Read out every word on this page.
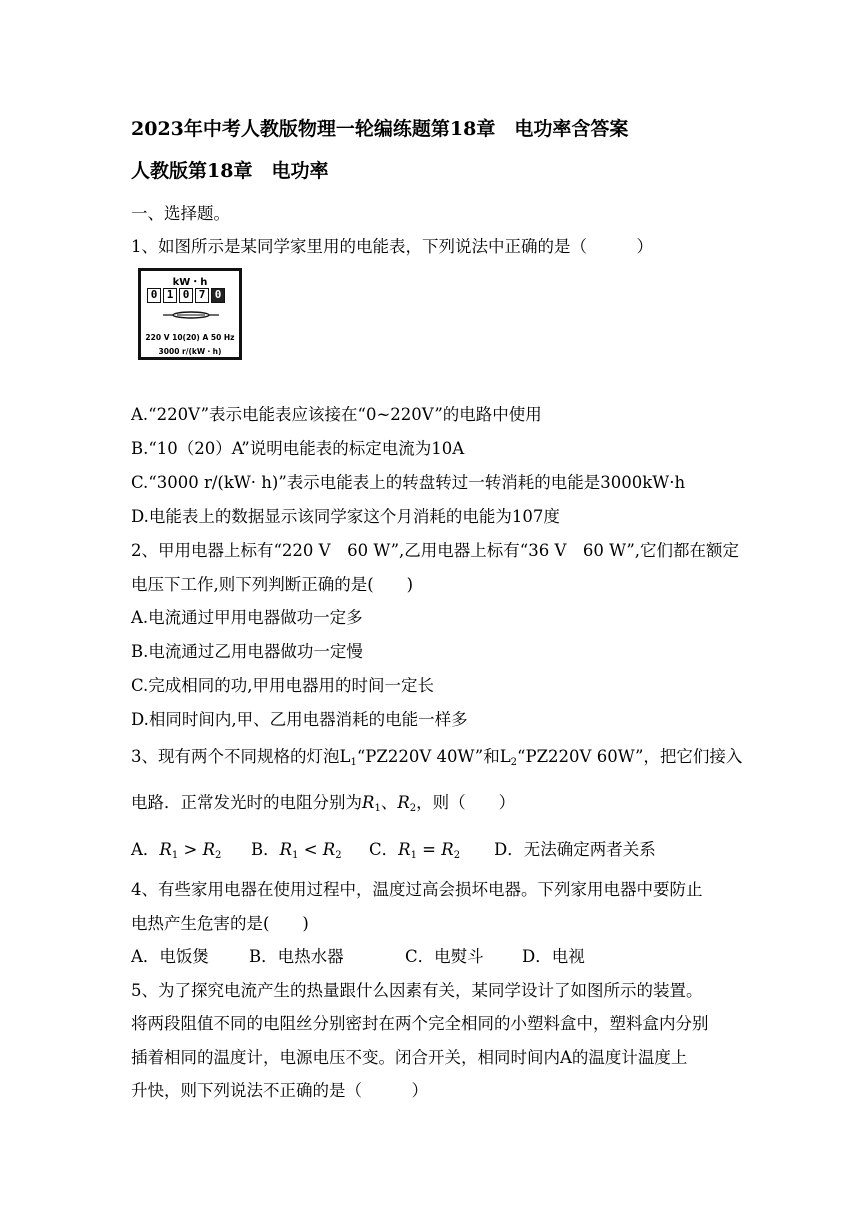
2023年中考人教版物理一轮编练题第18章　电功率含答案
人教版第18章　电功率
一、选择题。
1、如图所示是某同学家里用的电能表，下列说法中正确的是（　　　）
kW・h
0 1 0 7 0
220 V 10(20) A 50 Hz
3000 r/(kW・h)
A.“220V”表示电能表应该接在“0~220V”的电路中使用
B.“10（20）A”说明电能表的标定电流为10A
C.“3000 r/(kW· h)”表示电能表上的转盘转过一转消耗的电能是3000kW·h
D.电能表上的数据显示该同学家这个月消耗的电能为107度
2、甲用电器上标有“220 V　60 W”,乙用电器上标有“36 V　60 W”,它们都在额定
电压下工作,则下列判断正确的是(　　)
A.电流通过甲用电器做功一定多
B.电流通过乙用电器做功一定慢
C.完成相同的功,甲用电器用的时间一定长
D.相同时间内,甲、乙用电器消耗的电能一样多
3、现有两个不同规格的灯泡$L_1“PZ220V$ 40W”和$L_2“PZ220V$ 60W”，把它们接入
电路．正常发光时的电阻分别为$R_1$、$R_2$，则（　　）
A．$R_1 > R_2$ B．$R_1 < R_2$ C．$R_1 = R_2$ D．无法确定两者关系
4、有些家用电器在使用过程中，温度过高会损坏电器。下列家用电器中要防止
电热产生危害的是(　　)
A．电饭煲 B．电热水器	C．电熨斗 D．电视
5、为了探究电流产生的热量跟什么因素有关，某同学设计了如图所示的装置。
将两段阻值不同的电阻丝分别密封在两个完全相同的小塑料盒中，塑料盒内分别
插着相同的温度计，电源电压不变。闭合开关，相同时间内A的温度计温度上
升快，则下列说法不正确的是（　　　）
